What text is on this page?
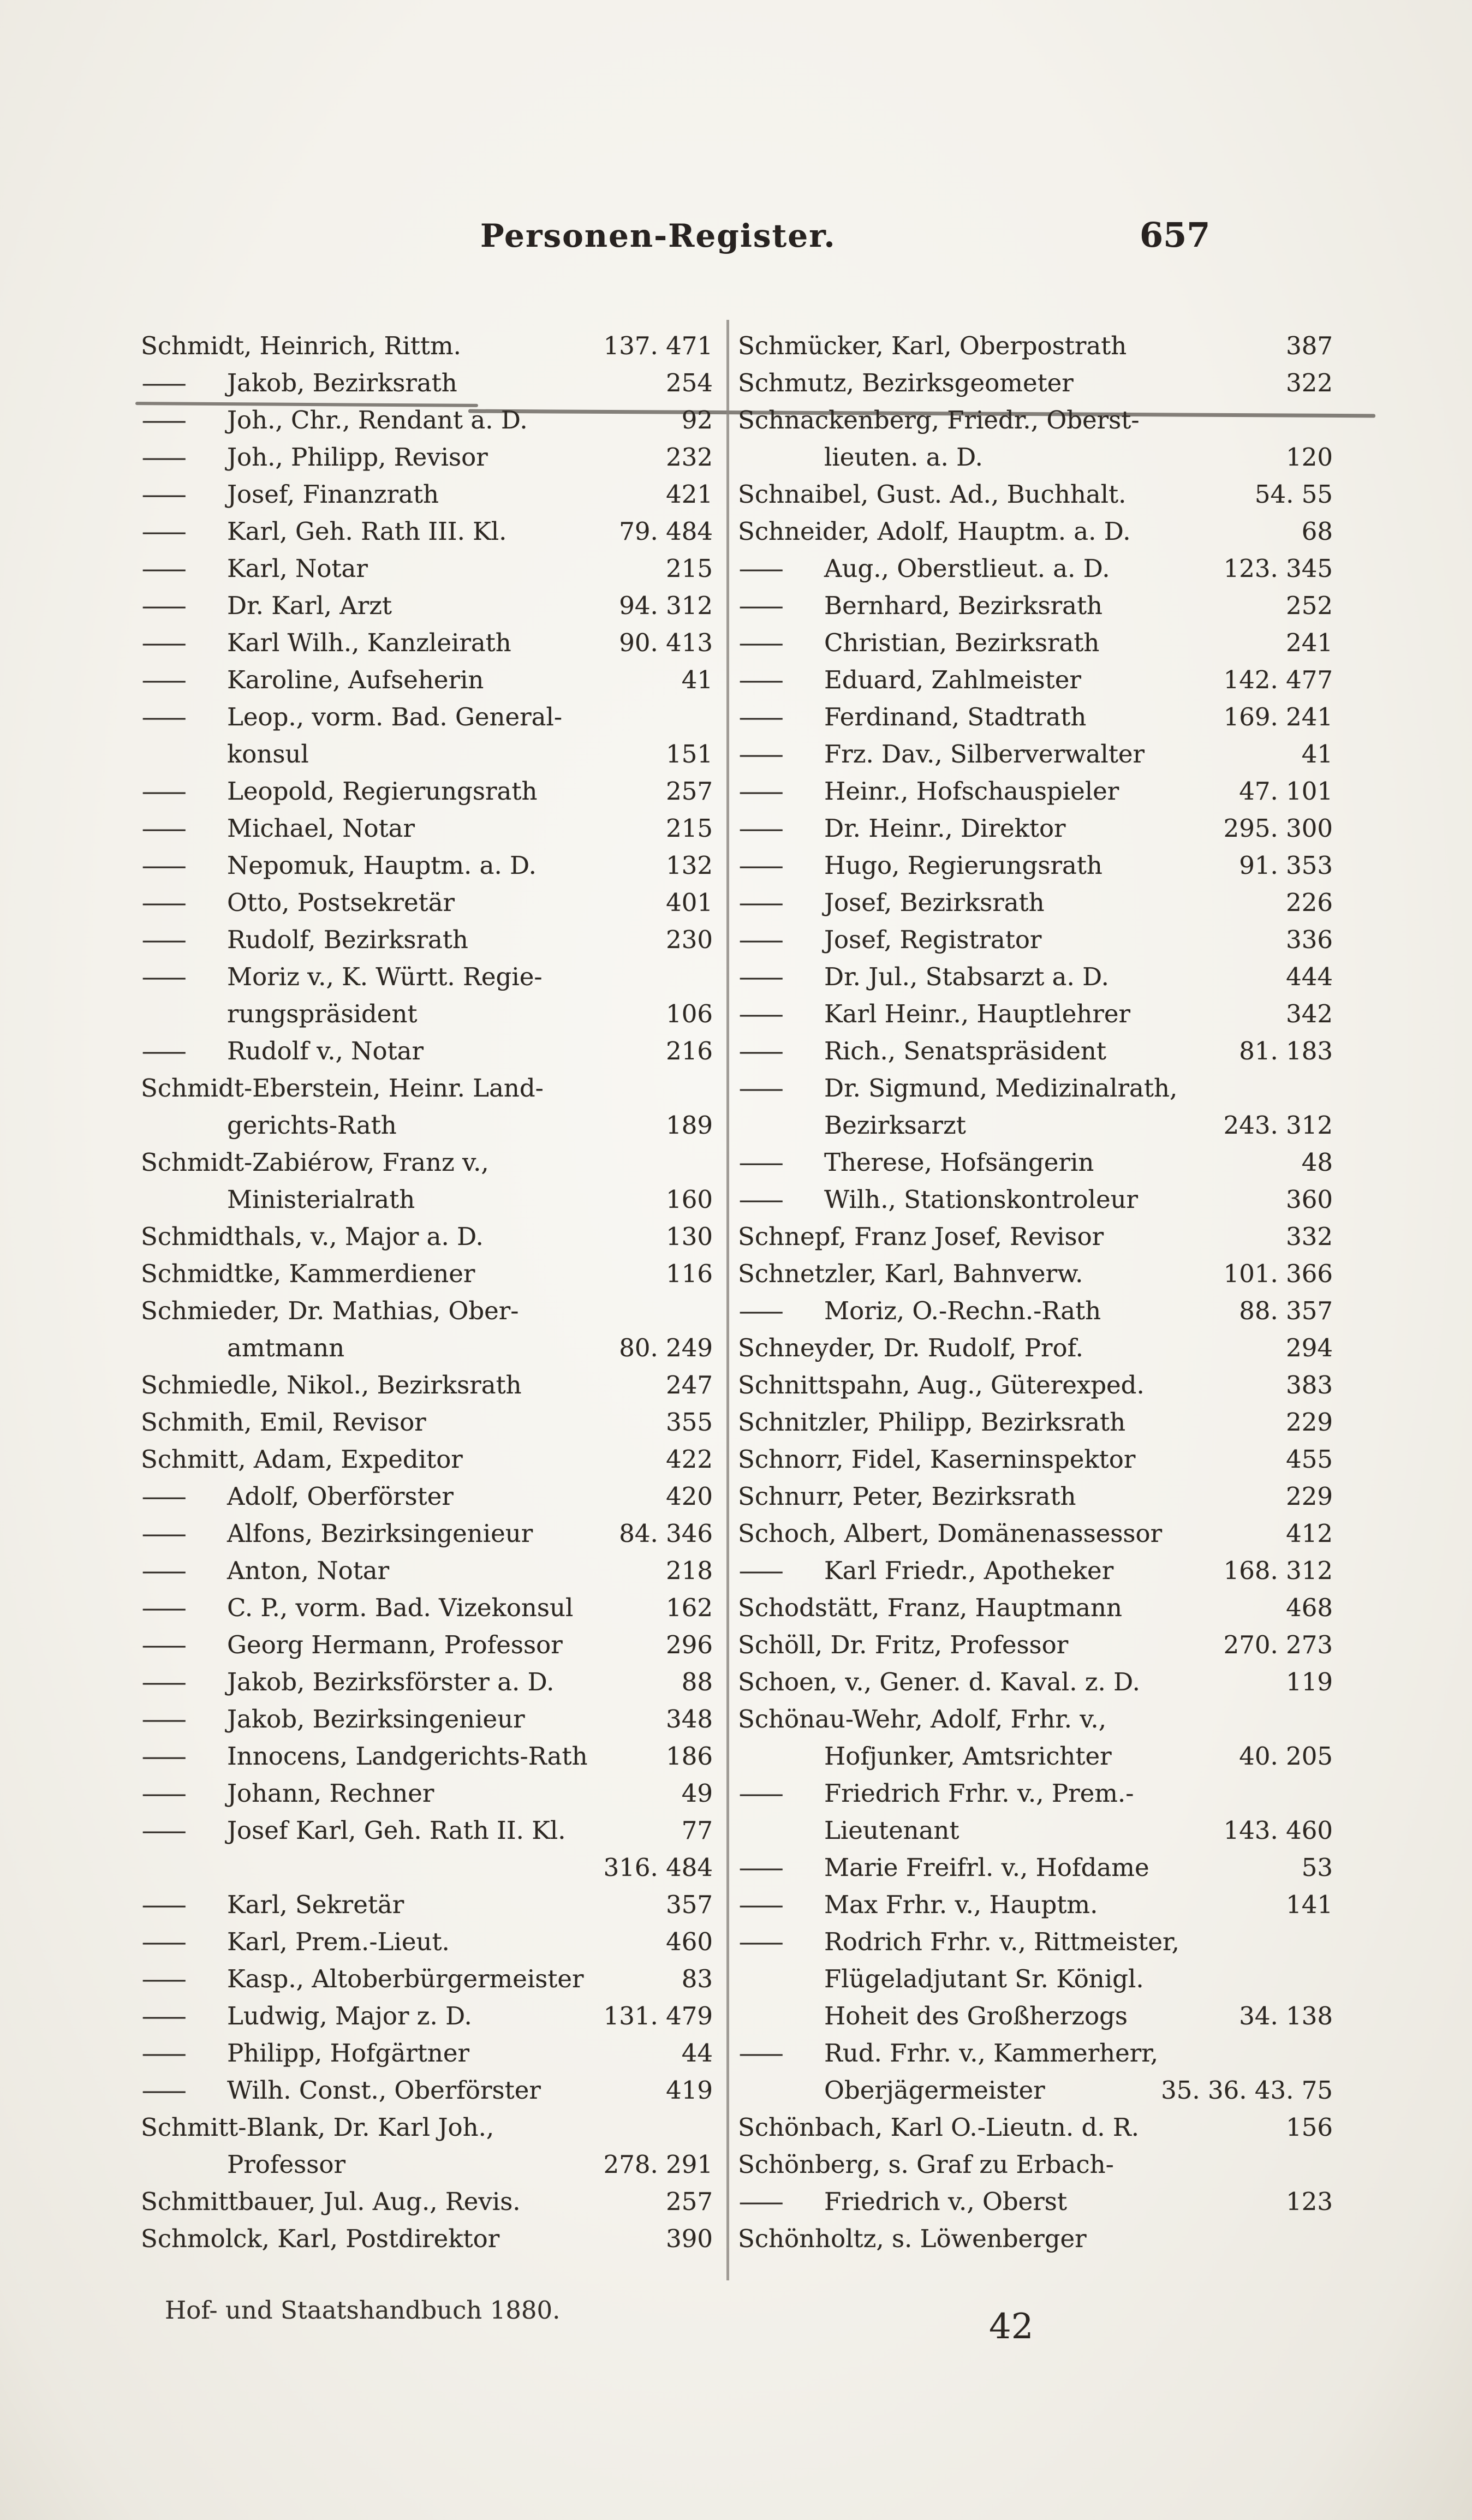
Personen-Register.	657
Schmidt, Heinrich, Rittm.	137. 471
—	Jakob, Bezirksrath	254
—	Joh., Chr., Rendant a. D.	92
—	Joh., Philipp, Revisor	232
—	Josef, Finanzrath	421
—	Karl, Geh. Rath III. Kl.	79. 484
—	Karl, Notar	215
—	Dr. Karl, Arzt	94. 312
—	Karl Wilh., Kanzleirath	90. 413
—	Karoline, Aufseherin	41
—	Leop., vorm. Bad. General-
konsul	151
—	Leopold, Regierungsrath	257
—	Michael, Notar	215
—	Nepomuk, Hauptm. a. D.	132
—	Otto, Postsekretär	401
—	Rudolf, Bezirksrath	230
—	Moriz v., K. Württ. Regie-
rungspräsident	106
—	Rudolf v., Notar	216
Schmidt-Eberstein, Heinr. Land-
gerichts-Rath	189
Schmidt-Zabiérow, Franz v.,
Ministerialrath	160
Schmidthals, v., Major a. D.	130
Schmidtke, Kammerdiener	116
Schmieder, Dr. Mathias, Ober-
amtmann	80. 249
Schmiedle, Nikol., Bezirksrath	247
Schmith, Emil, Revisor	355
Schmitt, Adam, Expeditor	422
—	Adolf, Oberförster	420
—	Alfons, Bezirksingenieur	84. 346
—	Anton, Notar	218
—	C. P., vorm. Bad. Vizekonsul	162
—	Georg Hermann, Professor	296
—	Jakob, Bezirksförster a. D.	88
—	Jakob, Bezirksingenieur	348
—	Innocens, Landgerichts-Rath	186
—	Johann, Rechner	49
—	Josef Karl, Geh. Rath II. Kl.	77
316. 484
—	Karl, Sekretär	357
—	Karl, Prem.-Lieut.	460
—	Kasp., Altoberbürgermeister	83
—	Ludwig, Major z. D.	131. 479
—	Philipp, Hofgärtner	44
—	Wilh. Const., Oberförster	419
Schmitt-Blank, Dr. Karl Joh.,
Professor	278. 291
Schmittbauer, Jul. Aug., Revis.	257
Schmolck, Karl, Postdirektor	390
Schmücker, Karl, Oberpostrath	387
Schmutz, Bezirksgeometer	322
Schnackenberg, Friedr., Oberst-
lieuten. a. D.	120
Schnaibel, Gust. Ad., Buchhalt.	54. 55
Schneider, Adolf, Hauptm. a. D.	68
—	Aug., Oberstlieut. a. D.	123. 345
—	Bernhard, Bezirksrath	252
—	Christian, Bezirksrath	241
—	Eduard, Zahlmeister	142. 477
—	Ferdinand, Stadtrath	169. 241
—	Frz. Dav., Silberverwalter	41
—	Heinr., Hofschauspieler	47. 101
—	Dr. Heinr., Direktor	295. 300
—	Hugo, Regierungsrath	91. 353
—	Josef, Bezirksrath	226
—	Josef, Registrator	336
—	Dr. Jul., Stabsarzt a. D.	444
—	Karl Heinr., Hauptlehrer	342
—	Rich., Senatspräsident	81. 183
—	Dr. Sigmund, Medizinalrath,
Bezirksarzt	243. 312
—	Therese, Hofsängerin	48
—	Wilh., Stationskontroleur	360
Schnepf, Franz Josef, Revisor	332
Schnetzler, Karl, Bahnverw.	101. 366
—	Moriz, O.-Rechn.-Rath	88. 357
Schneyder, Dr. Rudolf, Prof.	294
Schnittspahn, Aug., Güterexped.	383
Schnitzler, Philipp, Bezirksrath	229
Schnorr, Fidel, Kaserninspektor	455
Schnurr, Peter, Bezirksrath	229
Schoch, Albert, Domänenassessor	412
—	Karl Friedr., Apotheker	168. 312
Schodstätt, Franz, Hauptmann	468
Schöll, Dr. Fritz, Professor	270. 273
Schoen, v., Gener. d. Kaval. z. D.	119
Schönau-Wehr, Adolf, Frhr. v.,
Hofjunker, Amtsrichter	40. 205
—	Friedrich Frhr. v., Prem.-
Lieutenant	143. 460
—	Marie Freifrl. v., Hofdame	53
—	Max Frhr. v., Hauptm.	141
—	Rodrich Frhr. v., Rittmeister,
Flügeladjutant Sr. Königl.
Hoheit des Großherzogs	34. 138
—	Rud. Frhr. v., Kammerherr,
Oberjägermeister	35. 36. 43. 75
Schönbach, Karl O.-Lieutn. d. R.	156
Schönberg, s. Graf zu Erbach-
—	Friedrich v., Oberst	123
Schönholtz, s. Löwenberger
Hof- und Staatshandbuch 1880.	42
